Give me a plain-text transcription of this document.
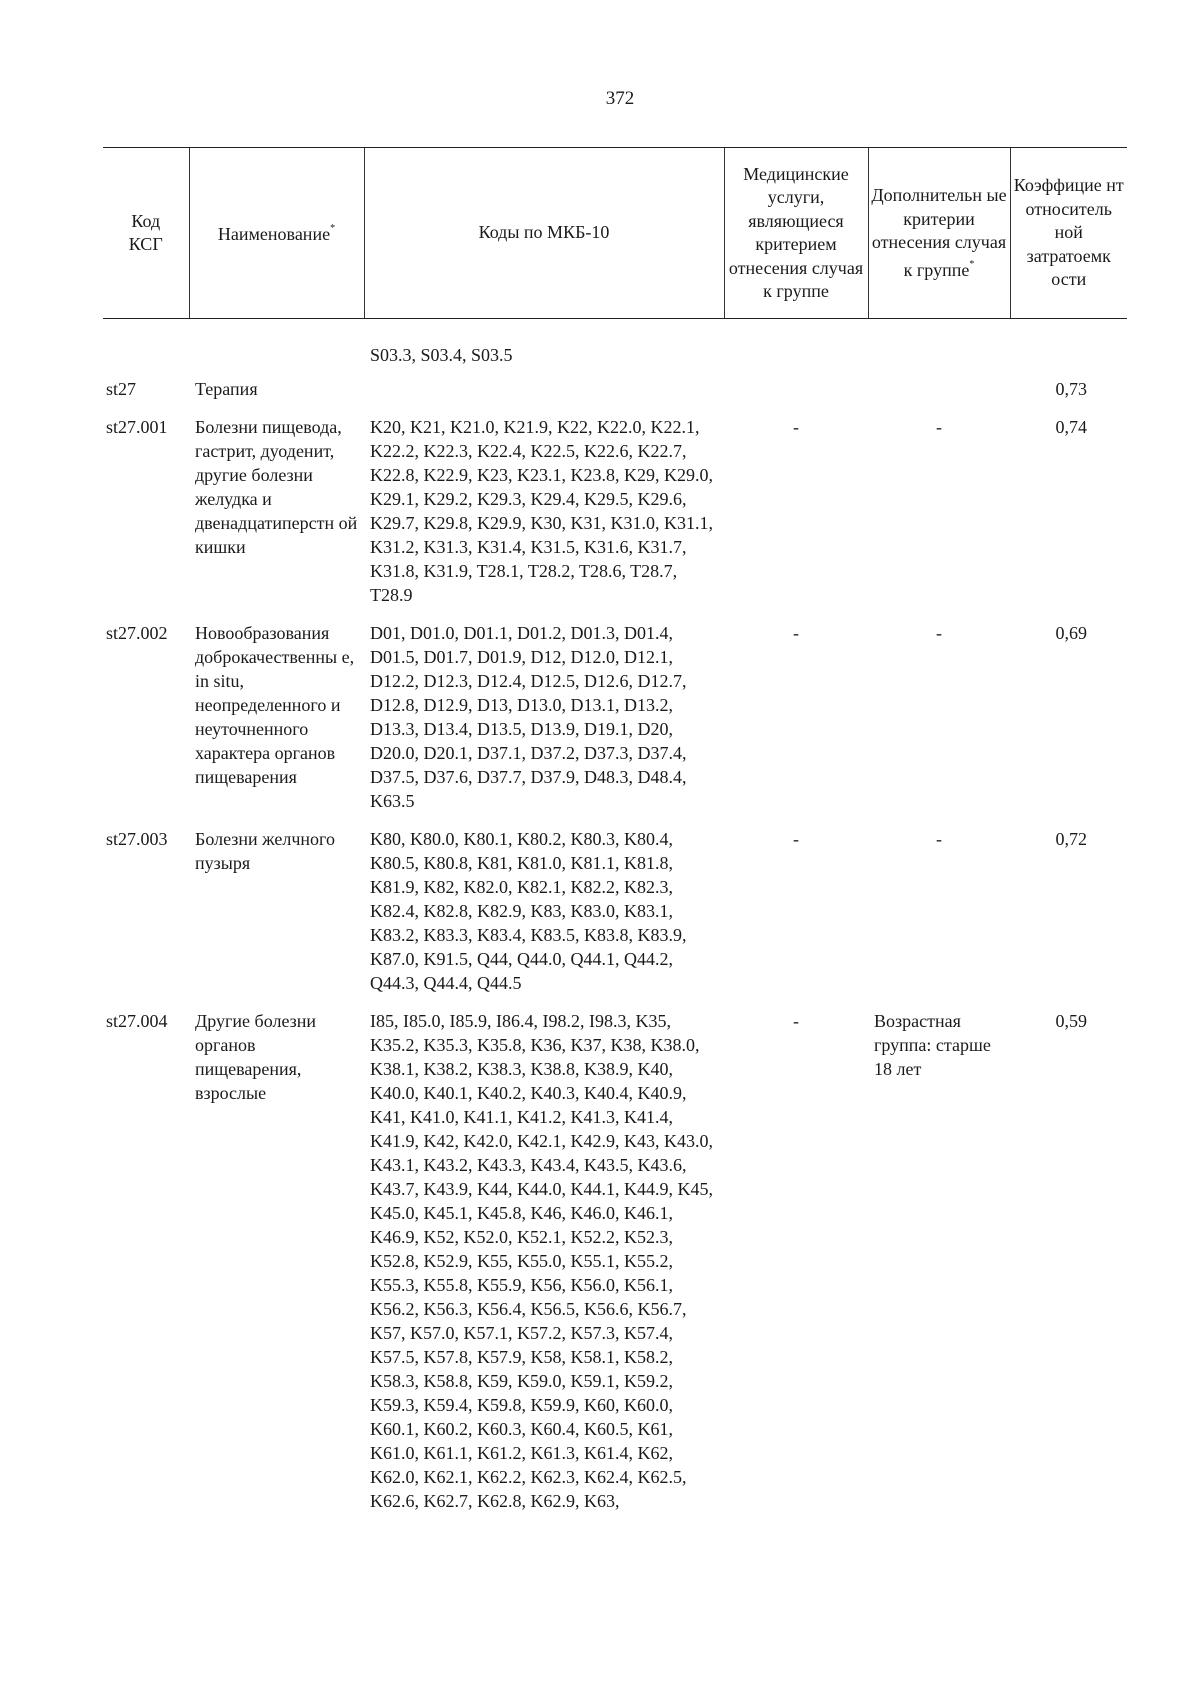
372
Код
КСГ	Наименование*	Коды по МКБ-10	Медицинские услуги, являющиеся критерием отнесения случая к группе	Дополнительн ые критерии отнесения случая к группе*	Коэффицие нт относитель ной затратоемк ости

		S03.3, S03.4, S03.5			
st27	Терапия				0,73
st27.001	Болезни пищевода, гастрит, дуоденит, другие болезни желудка и двенадцатиперстн ой кишки	K20, K21, K21.0, K21.9, K22, K22.0, K22.1, K22.2, K22.3, K22.4, K22.5, K22.6, K22.7, K22.8, K22.9, K23, K23.1, K23.8, K29, K29.0, K29.1, K29.2, K29.3, K29.4, K29.5, K29.6, K29.7, K29.8, K29.9, K30, K31, K31.0, K31.1, K31.2, K31.3, K31.4, K31.5, K31.6, K31.7, K31.8, K31.9, T28.1, T28.2, T28.6, T28.7, T28.9	-	-	0,74
st27.002	Новообразования доброкачественны е, in situ, неопределенного и неуточненного характера органов пищеварения	D01, D01.0, D01.1, D01.2, D01.3, D01.4, D01.5, D01.7, D01.9, D12, D12.0, D12.1, D12.2, D12.3, D12.4, D12.5, D12.6, D12.7, D12.8, D12.9, D13, D13.0, D13.1, D13.2, D13.3, D13.4, D13.5, D13.9, D19.1, D20, D20.0, D20.1, D37.1, D37.2, D37.3, D37.4, D37.5, D37.6, D37.7, D37.9, D48.3, D48.4, K63.5	-	-	0,69
st27.003	Болезни желчного пузыря	K80, K80.0, K80.1, K80.2, K80.3, K80.4, K80.5, K80.8, K81, K81.0, K81.1, K81.8, K81.9, K82, K82.0, K82.1, K82.2, K82.3, K82.4, K82.8, K82.9, K83, K83.0, K83.1, K83.2, K83.3, K83.4, K83.5, K83.8, K83.9, K87.0, K91.5, Q44, Q44.0, Q44.1, Q44.2, Q44.3, Q44.4, Q44.5	-	-	0,72
st27.004	Другие болезни органов пищеварения, взрослые	I85, I85.0, I85.9, I86.4, I98.2, I98.3, K35, K35.2, K35.3, K35.8, K36, K37, K38, K38.0, K38.1, K38.2, K38.3, K38.8, K38.9, K40, K40.0, K40.1, K40.2, K40.3, K40.4, K40.9, K41, K41.0, K41.1, K41.2, K41.3, K41.4, K41.9, K42, K42.0, K42.1, K42.9, K43, K43.0, K43.1, K43.2, K43.3, K43.4, K43.5, K43.6, K43.7, K43.9, K44, K44.0, K44.1, K44.9, K45, K45.0, K45.1, K45.8, K46, K46.0, K46.1, K46.9, K52, K52.0, K52.1, K52.2, K52.3, K52.8, K52.9, K55, K55.0, K55.1, K55.2, K55.3, K55.8, K55.9, K56, K56.0, K56.1, K56.2, K56.3, K56.4, K56.5, K56.6, K56.7, K57, K57.0, K57.1, K57.2, K57.3, K57.4, K57.5, K57.8, K57.9, K58, K58.1, K58.2, K58.3, K58.8, K59, K59.0, K59.1, K59.2, K59.3, K59.4, K59.8, K59.9, K60, K60.0, K60.1, K60.2, K60.3, K60.4, K60.5, K61, K61.0, K61.1, K61.2, K61.3, K61.4, K62, K62.0, K62.1, K62.2, K62.3, K62.4, K62.5, K62.6, K62.7, K62.8, K62.9, K63,	-	Возрастная группа: старше 18 лет	0,59
